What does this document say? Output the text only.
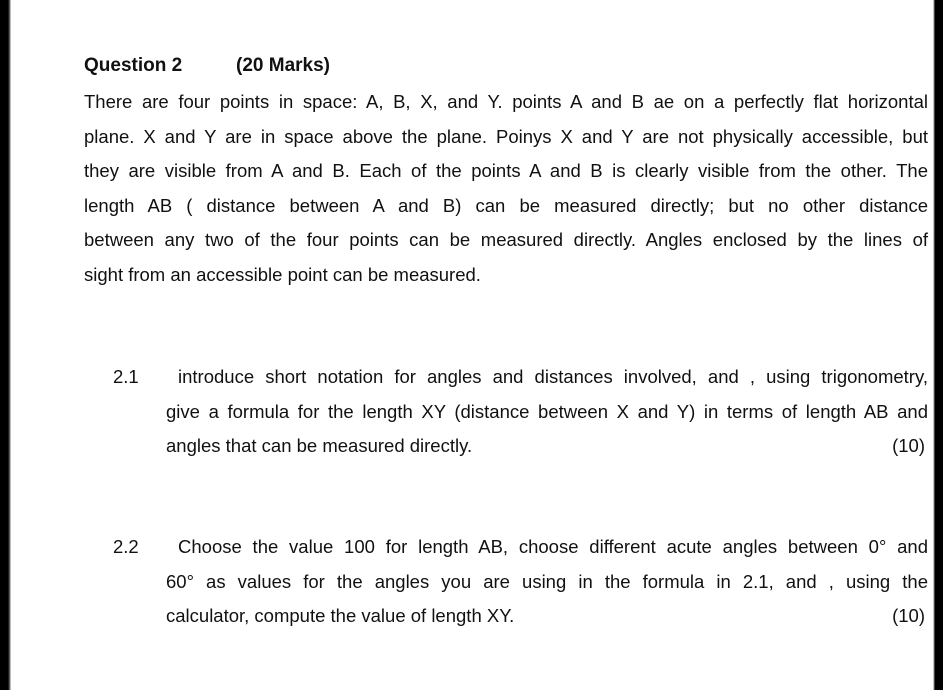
Question 2	(20 Marks)
There are four points in space: A, B, X, and Y. points A and B ae on a perfectly flat horizontal
plane. X and Y are in space above the plane. Poinys X and Y are not physically accessible, but
they are visible from A and B. Each of the points A and B is clearly visible from the other. The
length AB ( distance between A and B) can be measured directly; but no other distance
between any two of the four points can be measured directly. Angles enclosed by the lines of
sight from an accessible point can be measured.
2.1	introduce short notation for angles and distances involved, and , using trigonometry,
give a formula for the length XY (distance between X and Y) in terms of length AB and
angles that can be measured directly.	(10)
2.2	Choose the value 100 for length AB, choose different acute angles between 0° and
60° as values for the angles you are using in the formula in 2.1, and , using the
calculator, compute the value of length XY.	(10)
